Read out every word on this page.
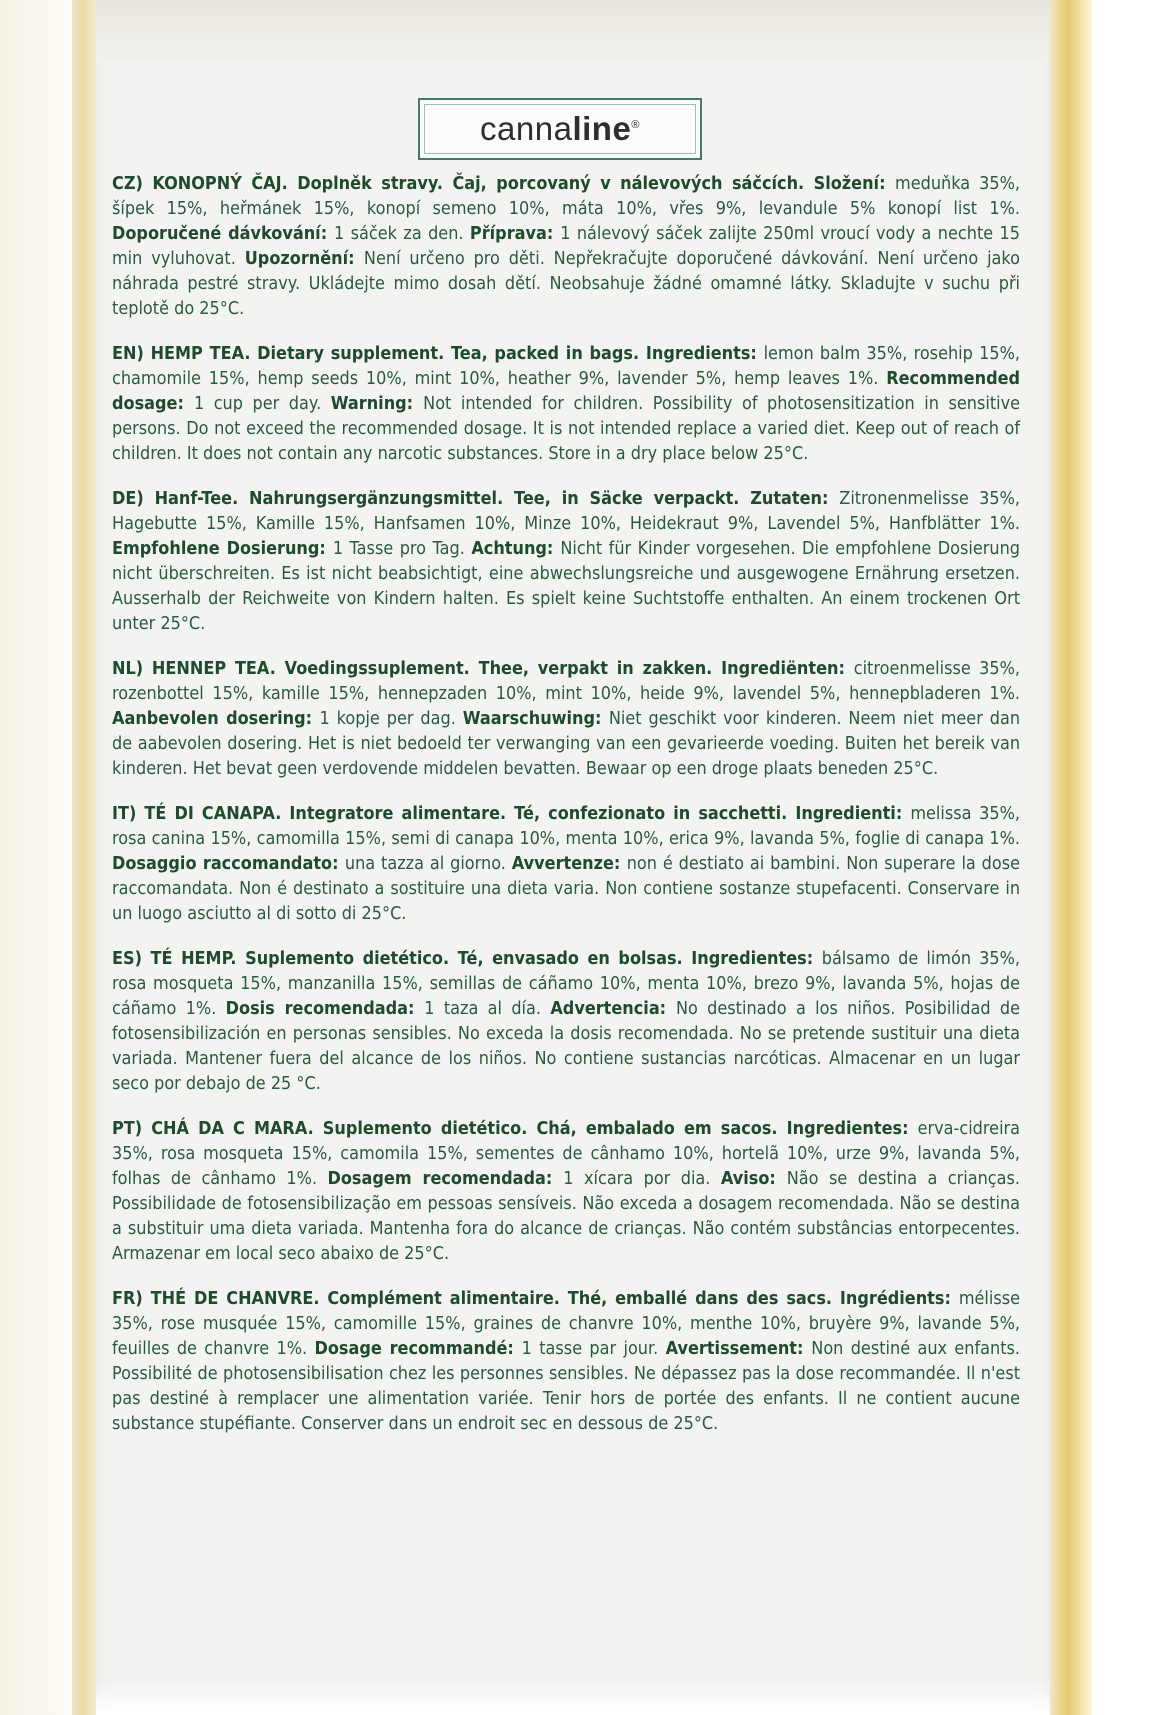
cannaline®

CZ) KONOPNÝ ČAJ. Doplněk stravy. Čaj, porcovaný v nálevových sáčcích. Složení: meduňka 35%, šípek 15%, heřmánek 15%, konopí semeno 10%, máta 10%, vřes 9%, levandule 5% konopí list 1%. Doporučené dávkování: 1 sáček za den. Příprava: 1 nálevový sáček zalijte 250ml vroucí vody a nechte 15 min vyluhovat. Upozornění: Není určeno pro děti. Nepřekračujte doporučené dávkování. Není určeno jako náhrada pestré stravy. Ukládejte mimo dosah dětí. Neobsahuje žádné omamné látky. Skladujte v suchu při teplotě do 25°C.

EN) HEMP TEA. Dietary supplement. Tea, packed in bags. Ingredients: lemon balm 35%, rosehip 15%, chamomile 15%, hemp seeds 10%, mint 10%, heather 9%, lavender 5%, hemp leaves 1%. Recommended dosage: 1 cup per day. Warning: Not intended for children. Possibility of photosensitization in sensitive persons. Do not exceed the recommended dosage. It is not intended replace a varied diet. Keep out of reach of children. It does not contain any narcotic substances. Store in a dry place below 25°C.

DE) Hanf-Tee. Nahrungsergänzungsmittel. Tee, in Säcke verpackt. Zutaten: Zitronenmelisse 35%, Hagebutte 15%, Kamille 15%, Hanfsamen 10%, Minze 10%, Heidekraut 9%, Lavendel 5%, Hanfblätter 1%. Empfohlene Dosierung: 1 Tasse pro Tag. Achtung: Nicht für Kinder vorgesehen. Die empfohlene Dosierung nicht überschreiten. Es ist nicht beabsichtigt, eine abwechslungsreiche und ausgewogene Ernährung ersetzen. Ausserhalb der Reichweite von Kindern halten. Es spielt keine Suchtstoffe enthalten. An einem trockenen Ort unter 25°C.

NL) HENNEP TEA. Voedingssuplement. Thee, verpakt in zakken. Ingrediënten: citroenmelisse 35%, rozenbottel 15%, kamille 15%, hennepzaden 10%, mint 10%, heide 9%, lavendel 5%, hennepbladeren 1%. Aanbevolen dosering: 1 kopje per dag. Waarschuwing: Niet geschikt voor kinderen. Neem niet meer dan de aabevolen dosering. Het is niet bedoeld ter verwanging van een gevarieerde voeding. Buiten het bereik van kinderen. Het bevat geen verdovende middelen bevatten. Bewaar op een droge plaats beneden 25°C.

IT) TÉ DI CANAPA. Integratore alimentare. Té, confezionato in sacchetti. Ingredienti: melissa 35%, rosa canina 15%, camomilla 15%, semi di canapa 10%, menta 10%, erica 9%, lavanda 5%, foglie di canapa 1%. Dosaggio raccomandato: una tazza al giorno. Avvertenze: non é destiato ai bambini. Non superare la dose raccomandata. Non é destinato a sostituire una dieta varia. Non contiene sostanze stupefacenti. Conservare in un luogo asciutto al di sotto di 25°C.

ES) TÉ HEMP. Suplemento dietético. Té, envasado en bolsas. Ingredientes: bálsamo de limón 35%, rosa mosqueta 15%, manzanilla 15%, semillas de cáñamo 10%, menta 10%, brezo 9%, lavanda 5%, hojas de cáñamo 1%. Dosis recomendada: 1 taza al día. Advertencia: No destinado a los niños. Posibilidad de fotosensibilización en personas sensibles. No exceda la dosis recomendada. No se pretende sustituir una dieta variada. Mantener fuera del alcance de los niños. No contiene sustancias narcóticas. Almacenar en un lugar seco por debajo de 25 °C.

PT) CHÁ DA C MARA. Suplemento dietético. Chá, embalado em sacos. Ingredientes: erva-cidreira 35%, rosa mosqueta 15%, camomila 15%, sementes de cânhamo 10%, hortelã 10%, urze 9%, lavanda 5%, folhas de cânhamo 1%. Dosagem recomendada: 1 xícara por dia. Aviso: Não se destina a crianças. Possibilidade de fotosensibilização em pessoas sensíveis. Não exceda a dosagem recomendada. Não se destina a substituir uma dieta variada. Mantenha fora do alcance de crianças. Não contém substâncias entorpecentes. Armazenar em local seco abaixo de 25°C.

FR) THÉ DE CHANVRE. Complément alimentaire. Thé, emballé dans des sacs. Ingrédients: mélisse 35%, rose musquée 15%, camomille 15%, graines de chanvre 10%, menthe 10%, bruyère 9%, lavande 5%, feuilles de chanvre 1%. Dosage recommandé: 1 tasse par jour. Avertissement: Non destiné aux enfants. Possibilité de photosensibilisation chez les personnes sensibles. Ne dépassez pas la dose recommandée. Il n'est pas destiné à remplacer une alimentation variée. Tenir hors de portée des enfants. Il ne contient aucune substance stupéfiante. Conserver dans un endroit sec en dessous de 25°C.
